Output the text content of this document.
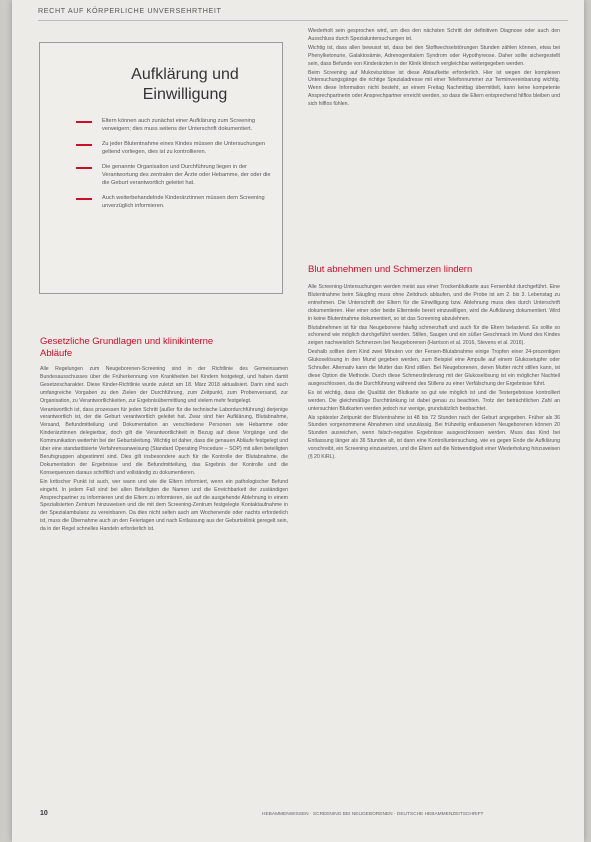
RECHT AUF KÖRPERLICHE UNVERSEHRTHEIT
Aufklärung und Einwilligung
Eltern können auch zunächst einer Aufklärung zum Screening verweigern; dies muss seitens der Unterschrift dokumentiert.
Zu jeder Blutentnahme eines Kindes müssen die Untersuchungen geltend vorliegen, dies ist zu kontrollieren.
Die genannte Organisation und Durchführung liegen in der Verantwortung des zentralen der Ärzte oder Hebamme, der oder die die Geburt verantwortlich geleitet hat.
Auch weiterbehandelnde Kinderärztinnen müssen dem Screening unverzüglich informieren.
Gesetzliche Grundlagen und klinikinterne Abläufe

Alle Regelungen zum Neugeborenen-Screening sind in der Richtlinie des Gemeinsamen Bundesausschusses über die Früherkennung von Krankheiten bei Kindern festgelegt, und haben damit Gesetzescharakter. Diese Kinder-Richtlinie wurde zuletzt am 18. März 2018 aktualisiert. Darin sind auch umfangreiche Vorgaben zu den Zielen der Durchführung, zum Zeitpunkt, zum Probenversand, zur Organisation, zu Verantwortlichkeiten, zur Ergebnisübermittlung und vielem mehr festgelegt.

Verantwortlich ist, dass prozessen für jeden Schritt (außer für die technische Labordurchführung) derjenige verantwortlich ist, der die Geburt verantwortlich geleitet hat. Zwar sind hier Aufklärung, Blutabnahme, Versand, Befundmitteilung und Dokumentation an verschiedene Personen wie Hebamme oder Kinderärztinnen delegierbar, doch gilt die Verantwortlichkeit in Bezug auf diese Vorgänge und die Kommunikation weiterhin bei der Geburtsleitung. Wichtig ist daher, dass die genauen Abläufe festgelegt und über eine standardisierte Verfahrensanweisung (Standard Operating Procedure – SOP) mit allen beteiligten Berufsgruppen abgestimmt sind. Dies gilt insbesondere auch für die Kontrolle der Blutabnahme, die Dokumentation der Ergebnisse und die Befundmitteilung, das Ergebnis der Kontrolle und die Konsequenzen daraus schriftlich und vollständig zu dokumentieren.

Ein kritischer Punkt ist auch, wer wann und wie die Eltern informiert, wenn ein pathologischer Befund eingeht. In jedem Fall sind bei allen Beteiligten die Namen und die Erreichbarkeit der zuständigen Ansprechpartner zu informieren und die Eltern zu informieren, sie auf die ausgehende Ablehnung in einem Spezialisierten Zentrum hinzuweisen und die mit dem Screening-Zentrum festgelegte Kontaktaufnahme in der Spezialambulanz zu vereinbaren. Da dies nicht selten auch am Wochenende oder nachts erforderlich ist, muss die Übernahme auch an den Feiertagen und nach Entlassung aus der Geburtsklinik geregelt sein, da in der Regel schnelles Handeln erforderlich ist.

Wiederholt sein gesprochen wird, um dies den nächsten Schritt der definitiven Diagnose oder auch den Ausschluss durch Spezialuntersuchungen ist.

Wichtig ist, dass allen bewusst ist, dass bei den Stoffwechselstörungen Stunden zählen können, etwa bei Phenylketonurie, Galaktosämie, Adrenogenitalem Syndrom oder Hypothyreose. Daher sollte sichergestellt sein, dass Befunde von Kinderärzten in der Klinik klinisch vergleichbar weitergegeben werden.

Beim Screening auf Mukoviszidose ist diese Ablaufkette erforderlich. Hier ist wegen der komplexen Untersuchungsgänge die richtige Spezialadresse mit einer Telefonnummer zur Terminvereinbarung wichtig. Wenn diese Information nicht besteht, an einem Freitag Nachmittag übermittelt, kann keine kompetente Ansprechpartnerin oder Ansprechpartner erreicht werden, so dass die Eltern entsprechend hilflos bleiben und sich hilflos fühlen.

Blut abnehmen und Schmerzen lindern

Alle Screening-Untersuchungen werden meist aus einer Trockenblutkarte aus Fersenblut durchgeführt. Eine Blutentnahme beim Säugling muss ohne Zeitdruck ablaufen, und die Probe ist am 2. bis 3. Lebenstag zu entnehmen. Die Unterschrift der Eltern für die Einwilligung bzw. Ablehnung muss dies durch Unterschrift dokumentieren. Hier einer oder beide Elternteile bereit einzuwilligen, wird die Aufklärung dokumentiert. Wird in keine Blutentnahme dokumentiert, so ist das Screening abzulehnen.

Blutabnehmen ist für das Neugeborene häufig schmerzhaft und auch für die Eltern belastend. Es sollte so schonend wie möglich durchgeführt werden. Stillen, Saugen und ein süßer Geschmack im Mund des Kindes zeigen nachweislich Schmerzen bei Neugeborenen (Harrison et al. 2016, Stevens et al. 2016).

Deshalb sollten dem Kind zwei Minuten vor der Fersen-Blutabnahme einige Tropfen einer 24-prozentigen Glukoselösung in den Mund gegeben werden, zum Beispiel eine Ampulle auf einem Glukosetupfer oder Schnuller. Alternativ kann die Mutter das Kind stillen. Bei Neugeborenen, deren Mutter nicht stillen kann, ist diese Option die Methode. Durch diese Schmerzlinderung mit der Glukoselösung ist ein möglicher Nachteil ausgeschlossen, da die Durchführung während des Stillens zu einer Verfälschung der Ergebnisse führt.

Es ist wichtig, dass die Qualität der Blutkarte so gut wie möglich ist und die Testergebnisse kontrolliert werden. Die gleichmäßige Durchtränkung ist dabei genau zu beachten. Trotz der beträchtlichen Zahl an untersuchten Blutkarten werden jedoch nur wenige, grundsätzlich beobachtet.

Als spätester Zeitpunkt der Blutentnahme ist 48 bis 72 Stunden nach der Geburt angegeben. Früher als 36 Stunden vorgenommene Abnahmen sind unzulässig. Bei frühzeitig entlassenen Neugeborenen können 20 Stunden ausreichen, wenn falsch-negative Ergebnisse ausgeschlossen werden. Muss das Kind bei Entlassung länger als 36 Stunden alt, ist dann eine Kontrolluntersuchung, wie es gegen Ende die Aufklärung vorschreibt, ein Screening einzusetzen, und die Eltern auf die Notwendigkeit einer Wiederholung hinzuweisen (§ 20 KiRL).

10	HEBAMMENWISSEN · SCREENING BEI NEUGEBORENEN · DEUTSCHE HEBAMMENZEITSCHRIFT
